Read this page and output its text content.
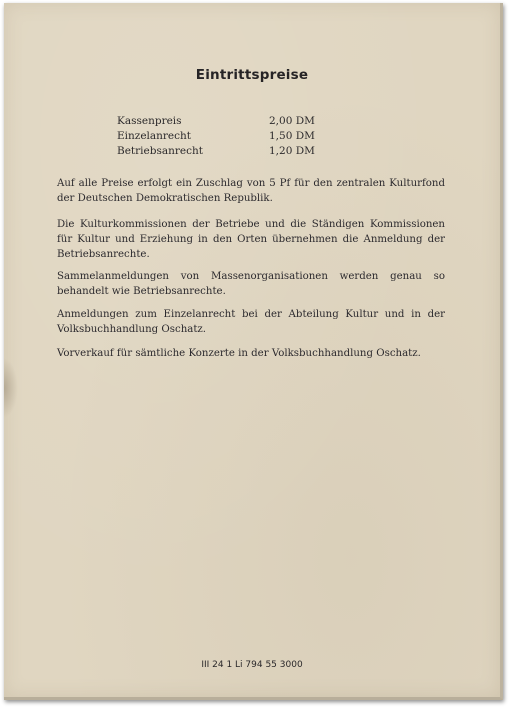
Eintrittspreise
Kassenpreis	2,00 DM
Einzelanrecht	1,50 DM
Betriebsanrecht	1,20 DM

Auf alle Preise erfolgt ein Zuschlag von 5 Pf für den zentralen Kulturfond der Deutschen Demokratischen Republik.

Die Kulturkommissionen der Betriebe und die Ständigen Kommissionen für Kultur und Erziehung in den Orten übernehmen die Anmeldung der Betriebsanrechte.

Sammelanmeldungen von Massenorganisationen werden genau so behandelt wie Betriebsanrechte.

Anmeldungen zum Einzelanrecht bei der Abteilung Kultur und in der Volksbuchhandlung Oschatz.

Vorverkauf für sämtliche Konzerte in der Volksbuchhandlung Oschatz.

III 24 1 Li 794 55 3000
